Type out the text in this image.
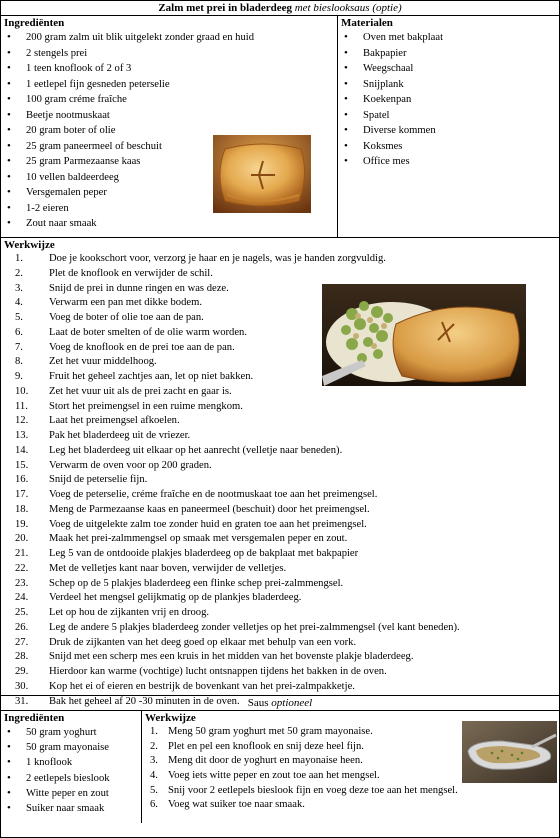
Zalm met prei in bladerdeeg met bieslooksaus (optie)
Ingrediënten
• 200 gram zalm uit blik uitgelekt zonder graad en huid
• 2 stengels prei
• 1 teen knoflook of 2 of 3
• 1 eetlepel fijn gesneden peterselie
• 100 gram créme fraîche
• Beetje nootmuskaat
• 20 gram boter of olie
• 25 gram paneermeel of beschuit
• 25 gram Parmezaanse kaas
• 10 vellen baldeerdeeg
• Versgemalen peper
• 1-2 eieren
• Zout naar smaak
Materialen
• Oven met bakplaat
• Bakpapier
• Weegschaal
• Snijplank
• Koekenpan
• Spatel
• Diverse kommen
• Koksmes
• Office mes
Werkwijze
1.	Doe je kookschort voor, verzorg je haar en je nagels, was je handen zorgvuldig.
2.	Plet de knoflook en verwijder de schil.
3.	Snijd de prei in dunne ringen en was deze.
4.	Verwarm een pan met dikke bodem.
5.	Voeg de boter of olie toe aan de pan.
6.	Laat de boter smelten of de olie warm worden.
7.	Voeg de knoflook en de prei toe aan de pan.
8.	Zet het vuur middelhoog.
9.	Fruit het geheel zachtjes aan, let op niet bakken.
10.	Zet het vuur uit als de prei zacht en gaar is.
11.	Stort het preimengsel in een ruime mengkom.
12.	Laat het preimengsel afkoelen.
13.	Pak het bladerdeeg uit de vriezer.
14.	Leg het bladerdeeg uit elkaar op het aanrecht (velletje naar beneden).
15.	Verwarm de oven voor op 200 graden.
16.	Snijd de peterselie fijn.
17.	Voeg de peterselie, créme fraîche en de nootmuskaat toe aan het preimengsel.
18.	Meng de Parmezaanse kaas en paneermeel (beschuit) door het preimengsel.
19.	Voeg de uitgelekte zalm toe zonder huid en graten toe aan het preimengsel.
20.	Maak het prei-zalmmengsel op smaak met versgemalen peper en zout.
21.	Leg 5 van de ontdooide plakjes bladerdeeg op de bakplaat met bakpapier
22.	Met de velletjes kant naar boven, verwijder de velletjes.
23.	Schep op de 5 plakjes bladerdeeg een flinke schep prei-zalmmengsel.
24.	Verdeel het mengsel gelijkmatig op de plankjes bladerdeeg.
25.	Let op hou de zijkanten vrij en droog.
26.	Leg de andere 5 plakjes bladerdeeg zonder velletjes op het prei-zalmmengsel (vel kant beneden).
27.	Druk de zijkanten van het deeg goed op elkaar met behulp van een vork.
28.	Snijd met een scherp mes een kruis in het midden van het bovenste plakje bladerdeeg.
29.	Hierdoor kan warme (vochtige) lucht ontsnappen tijdens het bakken in de oven.
30.	Kop het ei of eieren en bestrijk de bovenkant van het prei-zalmpakketje.
31.	Bak het geheel af 20 -30 minuten in de oven. Saus optioneel
Ingrediënten
• 50 gram yoghurt
• 50 gram mayonaise
• 1 knoflook
• 2 eetlepels bieslook
• Witte peper en zout
• Suiker naar smaak
Werkwijze
1. Meng 50 gram yoghurt met 50 gram mayonaise.
2. Plet en pel een knoflook en snij deze heel fijn.
3. Meng dit door de yoghurt en mayonaise heen.
4. Voeg iets witte peper en zout toe aan het mengsel.
5. Snij voor 2 eetlepels bieslook fijn en voeg deze toe aan het mengsel.
6. Voeg wat suiker toe naar smaak.
